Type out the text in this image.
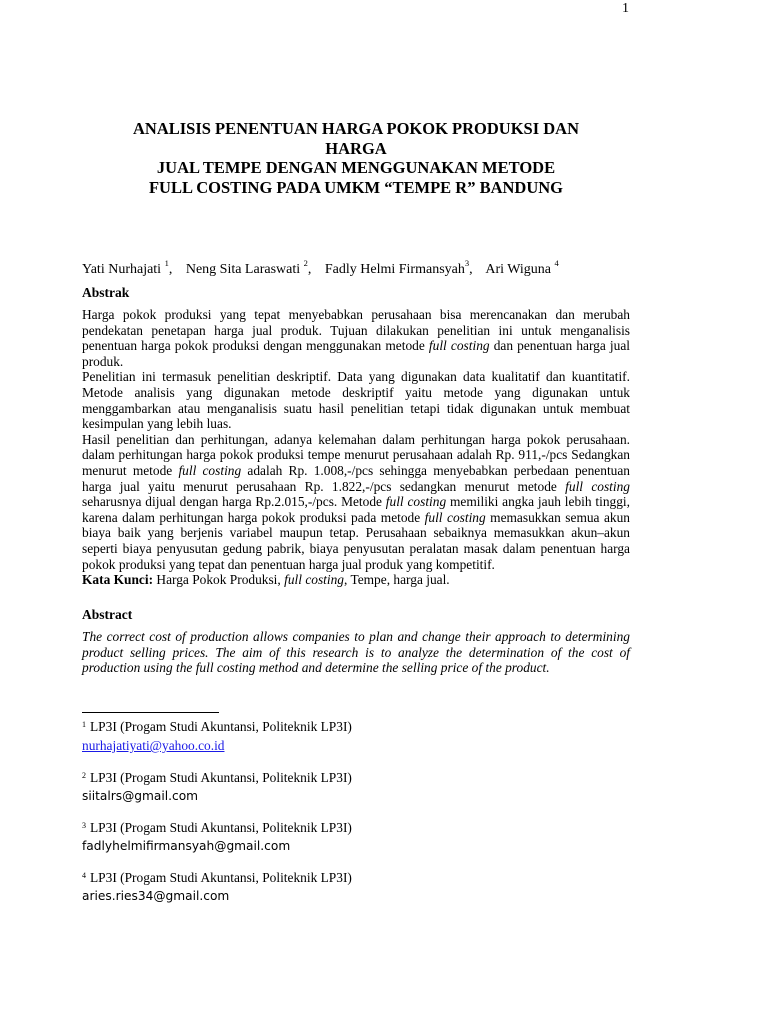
1
ANALISIS PENENTUAN HARGA POKOK PRODUKSI DAN
HARGA
JUAL TEMPE DENGAN MENGGUNAKAN METODE
FULL COSTING PADA UMKM “TEMPE R” BANDUNG
Yati Nurhajati $^1$, Neng Sita Laraswati $^2$, Fadly Helmi Firmansyah$^3$, Ari Wiguna $^4$
Abstrak

Harga pokok produksi yang tepat menyebabkan perusahaan bisa merencanakan dan merubah pendekatan penetapan harga jual produk. Tujuan dilakukan penelitian ini untuk menganalisis penentuan harga pokok produksi dengan menggunakan metode full costing dan penentuan harga jual produk.

Penelitian ini termasuk penelitian deskriptif. Data yang digunakan data kualitatif dan kuantitatif. Metode analisis yang digunakan metode deskriptif yaitu metode yang digunakan untuk menggambarkan atau menganalisis suatu hasil penelitian tetapi tidak digunakan untuk membuat kesimpulan yang lebih luas.

Hasil penelitian dan perhitungan, adanya kelemahan dalam perhitungan harga pokok perusahaan. dalam perhitungan harga pokok produksi tempe menurut perusahaan adalah Rp. 911,-/pcs Sedangkan menurut metode full costing adalah Rp. 1.008,-/pcs sehingga menyebabkan perbedaan penentuan harga jual yaitu menurut perusahaan Rp. 1.822,-/pcs sedangkan menurut metode full costing seharusnya dijual dengan harga Rp.2.015,-/pcs. Metode full costing memiliki angka jauh lebih tinggi, karena dalam perhitungan harga pokok produksi pada metode full costing memasukkan semua akun biaya baik yang berjenis variabel maupun tetap. Perusahaan sebaiknya memasukkan akun–akun seperti biaya penyusutan gedung pabrik, biaya penyusutan peralatan masak dalam penentuan harga pokok produksi yang tepat dan penentuan harga jual produk yang kompetitif.

Kata Kunci: Harga Pokok Produksi, full costing, Tempe, harga jual.

Abstract

The correct cost of production allows companies to plan and change their approach to determining product selling prices. The aim of this research is to analyze the determination of the cost of production using the full costing method and determine the selling price of the product.

$^1$ LP3I (Progam Studi Akuntansi, Politeknik LP3I)
nurhajatiyati@yahoo.co.id
$^2$ LP3I (Progam Studi Akuntansi, Politeknik LP3I)
siitalrs@gmail.com
$^3$ LP3I (Progam Studi Akuntansi, Politeknik LP3I)
fadlyhelmifirmansyah@gmail.com
$^4$ LP3I (Progam Studi Akuntansi, Politeknik LP3I)
aries.ries34@gmail.com
